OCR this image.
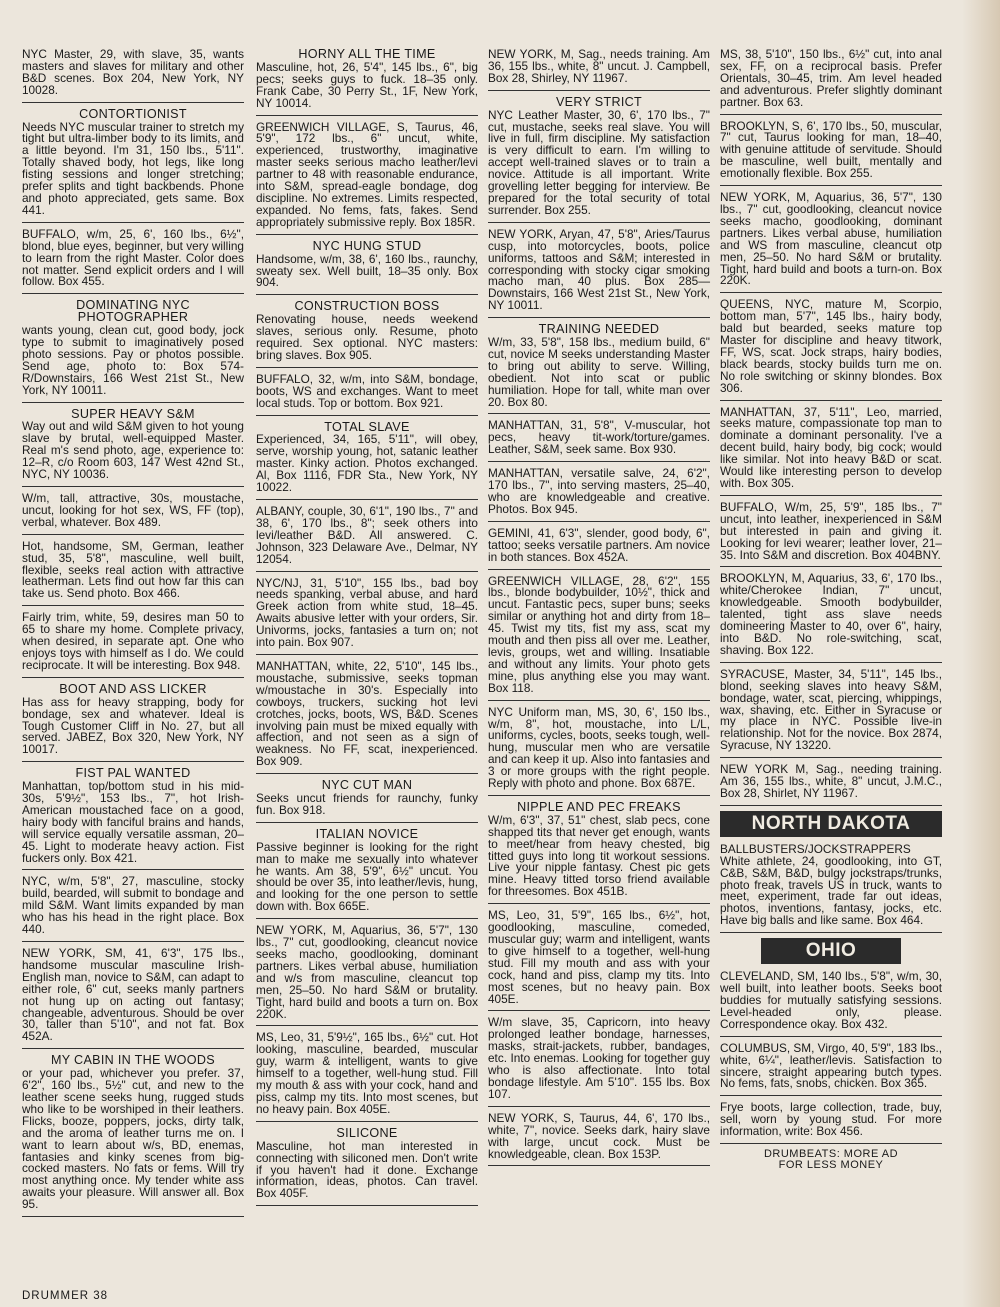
NYC Master, 29, with slave, 35, wants masters and slaves for military and other B&D scenes. Box 204, New York, NY 10028.
CONTORTIONIST
Needs NYC muscular trainer to stretch my tight but ultra-limber body to its limits, and a little beyond. I'm 31, 150 lbs., 5'11". Totally shaved body, hot legs, like long fisting sessions and longer stretching; prefer splits and tight backbends. Phone and photo appreciated, gets same. Box 441.
BUFFALO, w/m, 25, 6', 160 lbs., 6½", blond, blue eyes, beginner, but very willing to learn from the right Master. Color does not matter. Send explicit orders and I will follow. Box 455.
DOMINATING NYC PHOTOGRAPHER
wants young, clean cut, good body, jock type to submit to imaginatively posed photo sessions. Pay or photos possible. Send age, photo to: Box 574-R/Downstairs, 166 West 21st St., New York, NY 10011.
SUPER HEAVY S&M
Way out and wild S&M given to hot young slave by brutal, well-equipped Master. Real m's send photo, age, experience to: 12–R, c/o Room 603, 147 West 42nd St., NYC, NY 10036.
W/m, tall, attractive, 30s, moustache, uncut, looking for hot sex, WS, FF (top), verbal, whatever. Box 489.
Hot, handsome, SM, German, leather stud, 35, 5'8", masculine, well built, flexible, seeks real action with attractive leatherman. Lets find out how far this can take us. Send photo. Box 466.
Fairly trim, white, 59, desires man 50 to 65 to share my home. Complete privacy, when desired, in separate apt. One who enjoys toys with himself as I do. We could reciprocate. It will be interesting. Box 948.
BOOT AND ASS LICKER
Has ass for heavy strapping, body for bondage, sex and whatever. Ideal is Tough Customer Cliff in No. 27, but all served. JABEZ, Box 320, New York, NY 10017.
FIST PAL WANTED
Manhattan, top/bottom stud in his mid-30s, 5'9½", 153 lbs., 7", hot Irish-American moustached face on a good, hairy body with fanciful brains and hands, will service equally versatile assman, 20–45. Light to moderate heavy action. Fist fuckers only. Box 421.
NYC, w/m, 5'8", 27, masculine, stocky build, bearded, will submit to bondage and mild S&M. Want limits expanded by man who has his head in the right place. Box 440.
NEW YORK, SM, 41, 6'3", 175 lbs., handsome muscular masculine Irish-English man, novice to S&M, can adapt to either role, 6" cut, seeks manly partners not hung up on acting out fantasy; changeable, adventurous. Should be over 30, taller than 5'10", and not fat. Box 452A.
MY CABIN IN THE WOODS
or your pad, whichever you prefer. 37, 6'2", 160 lbs., 5½" cut, and new to the leather scene seeks hung, rugged studs who like to be worshiped in their leathers. Flicks, booze, poppers, jocks, dirty talk, and the aroma of leather turns me on. I want to learn about w/s, BD, enemas, fantasies and kinky scenes from big-cocked masters. No fats or fems. Will try most anything once. My tender white ass awaits your pleasure. Will answer all. Box 95.
HORNY ALL THE TIME
Masculine, hot, 26, 5'4", 145 lbs., 6", big pecs; seeks guys to fuck. 18–35 only. Frank Cabe, 30 Perry St., 1F, New York, NY 10014.
GREENWICH VILLAGE, S, Taurus, 46, 5'9", 172 lbs., 6" uncut, white, experienced, trustworthy, imaginative master seeks serious macho leather/levi partner to 48 with reasonable endurance, into S&M, spread-eagle bondage, dog discipline. No extremes. Limits respected, expanded. No fems, fats, fakes. Send appropriately submissive reply. Box 185R.
NYC HUNG STUD
Handsome, w/m, 38, 6', 160 lbs., raunchy, sweaty sex. Well built, 18–35 only. Box 904.
CONSTRUCTION BOSS
Renovating house, needs weekend slaves, serious only. Resume, photo required. Sex optional. NYC masters: bring slaves. Box 905.
BUFFALO, 32, w/m, into S&M, bondage, boots, WS and exchanges. Want to meet local studs. Top or bottom. Box 921.
TOTAL SLAVE
Experienced, 34, 165, 5'11", will obey, serve, worship young, hot, satanic leather master. Kinky action. Photos exchanged. Al, Box 1116, FDR Sta., New York, NY 10022.
ALBANY, couple, 30, 6'1", 190 lbs., 7" and 38, 6', 170 lbs., 8"; seek others into levi/leather B&D. All answered. C. Johnson, 323 Delaware Ave., Delmar, NY 12054.
NYC/NJ, 31, 5'10", 155 lbs., bad boy needs spanking, verbal abuse, and hard Greek action from white stud, 18–45. Awaits abusive letter with your orders, Sir. Univorms, jocks, fantasies a turn on; not into pain. Box 907.
MANHATTAN, white, 22, 5'10", 145 lbs., moustache, submissive, seeks topman w/moustache in 30's. Especially into cowboys, truckers, sucking hot levi crotches, jocks, boots, WS, B&D. Scenes involving pain must be mixed equally with affection, and not seen as a sign of weakness. No FF, scat, inexperienced. Box 909.
NYC CUT MAN
Seeks uncut friends for raunchy, funky fun. Box 918.
ITALIAN NOVICE
Passive beginner is looking for the right man to make me sexually into whatever he wants. Am 38, 5'9", 6½" uncut. You should be over 35, into leather/levis, hung, and looking for the one person to settle down with. Box 665E.
NEW YORK, M, Aquarius, 36, 5'7", 130 lbs., 7" cut, goodlooking, cleancut novice seeks macho, goodlooking, dominant partners. Likes verbal abuse, humiliation and w/s from masculine, cleancut top men, 25–50. No hard S&M or brutality. Tight, hard build and boots a turn on. Box 220K.
MS, Leo, 31, 5'9½", 165 lbs., 6½" cut. Hot looking, masculine, bearded, muscular guy, warm & intelligent, wants to give himself to a together, well-hung stud. Fill my mouth & ass with your cock, hand and piss, calmp my tits. Into most scenes, but no heavy pain. Box 405E.
SILICONE
Masculine, hot man interested in connecting with siliconed men. Don't write if you haven't had it done. Exchange information, ideas, photos. Can travel. Box 405F.
NEW YORK, M, Sag., needs training. Am 36, 155 lbs., white, 8" uncut. J. Campbell, Box 28, Shirley, NY 11967.
VERY STRICT
NYC Leather Master, 30, 6', 170 lbs., 7" cut, mustache, seeks real slave. You will live in full, firm discipline. My satisfaction is very difficult to earn. I'm willing to accept well-trained slaves or to train a novice. Attitude is all important. Write grovelling letter begging for interview. Be prepared for the total security of total surrender. Box 255.
NEW YORK, Aryan, 47, 5'8", Aries/Taurus cusp, into motorcycles, boots, police uniforms, tattoos and S&M; interested in corresponding with stocky cigar smoking macho man, 40 plus. Box 285—Downstairs, 166 West 21st St., New York, NY 10011.
TRAINING NEEDED
W/m, 33, 5'8", 158 lbs., medium build, 6" cut, novice M seeks understanding Master to bring out ability to serve. Willing, obedient. Not into scat or public humiliation. Hope for tall, white man over 20. Box 80.
MANHATTAN, 31, 5'8", V-muscular, hot pecs, heavy tit-work/torture/games. Leather, S&M, seek same. Box 930.
MANHATTAN, versatile salve, 24, 6'2", 170 lbs., 7", into serving masters, 25–40, who are knowledgeable and creative. Photos. Box 945.
GEMINI, 41, 6'3", slender, good body, 6", tattoo; seeks versatile partners. Am novice in both stances. Box 452A.
GREENWICH VILLAGE, 28, 6'2", 155 lbs., blonde bodybuilder, 10½", thick and uncut. Fantastic pecs, super buns; seeks similar or anything hot and dirty from 18–45. Twist my tits, fist my ass, scat my mouth and then piss all over me. Leather, levis, groups, wet and willing. Insatiable and without any limits. Your photo gets mine, plus anything else you may want. Box 118.
NYC Uniform man, MS, 30, 6', 150 lbs., w/m, 8", hot, moustache, into L/L, uniforms, cycles, boots, seeks tough, well-hung, muscular men who are versatile and can keep it up. Also into fantasies and 3 or more groups with the right people. Reply with photo and phone. Box 687E.
NIPPLE AND PEC FREAKS
W/m, 6'3", 37, 51" chest, slab pecs, cone shapped tits that never get enough, wants to meet/hear from heavy chested, big titted guys into long tit workout sessions. Live your nipple fantasy. Chest pic gets mine. Heavy titted torso friend available for threesomes. Box 451B.
MS, Leo, 31, 5'9", 165 lbs., 6½", hot, goodlooking, masculine, comeded, muscular guy; warm and intelligent, wants to give himself to a together, well-hung stud. Fill my mouth and ass with your cock, hand and piss, clamp my tits. Into most scenes, but no heavy pain. Box 405E.
W/m slave, 35, Capricorn, into heavy prolonged leather bondage, harnesses, masks, strait-jackets, rubber, bandages, etc. Into enemas. Looking for together guy who is also affectionate. Into total bondage lifestyle. Am 5'10". 155 lbs. Box 107.
NEW YORK, S, Taurus, 44, 6', 170 lbs., white, 7", novice. Seeks dark, hairy slave with large, uncut cock. Must be knowledgeable, clean. Box 153P.
MS, 38, 5'10", 150 lbs., 6½" cut, into anal sex, FF, on a reciprocal basis. Prefer Orientals, 30–45, trim. Am level headed and adventurous. Prefer slightly dominant partner. Box 63.
BROOKLYN, S, 6', 170 lbs., 50, muscular, 7" cut, Taurus looking for man, 18–40, with genuine attitude of servitude. Should be masculine, well built, mentally and emotionally flexible. Box 255.
NEW YORK, M, Aquarius, 36, 5'7", 130 lbs., 7" cut, goodlooking, cleancut novice seeks macho, goodlooking, dominant partners. Likes verbal abuse, humiliation and WS from masculine, cleancut otp men, 25–50. No hard S&M or brutality. Tight, hard build and boots a turn-on. Box 220K.
QUEENS, NYC, mature M, Scorpio, bottom man, 5'7", 145 lbs., hairy body, bald but bearded, seeks mature top Master for discipline and heavy titwork, FF, WS, scat. Jock straps, hairy bodies, black beards, stocky builds turn me on. No role switching or skinny blondes. Box 306.
MANHATTAN, 37, 5'11", Leo, married, seeks mature, compassionate top man to dominate a dominant personality. I've a decent build, hairy body, big cock; would like similar. Not into heavy B&D or scat. Would like interesting person to develop with. Box 305.
BUFFALO, W/m, 25, 5'9", 185 lbs., 7" uncut, into leather, inexperienced in S&M but interested in pain and giving it. Looking for levi wearer; leather lover, 21–35. Into S&M and discretion. Box 404BNY.
BROOKLYN, M, Aquarius, 33, 6', 170 lbs., white/Cherokee Indian, 7" uncut, knowledgeable. Smooth bodybuilder, talented, tight ass slave needs domineering Master to 40, over 6", hairy, into B&D. No role-switching, scat, shaving. Box 122.
SYRACUSE, Master, 34, 5'11", 145 lbs., blond, seeking slaves into heavy S&M, bondage, water, scat, piercing, whippings, wax, shaving, etc. Either in Syracuse or my place in NYC. Possible live-in relationship. Not for the novice. Box 2874, Syracuse, NY 13220.
NEW YORK M, Sag., needing training. Am 36, 155 lbs., white, 8" uncut, J.M.C., Box 28, Shirlet, NY 11967.
NORTH DAKOTA
BALLBUSTERS/JOCKSTRAPPERS White athlete, 24, goodlooking, into GT, C&B, S&M, B&D, bulgy jockstraps/trunks, photo freak, travels US in truck, wants to meet, experiment, trade far out ideas, photos, inventions, fantasy, jocks, etc. Have big balls and like same. Box 464.
OHIO
CLEVELAND, SM, 140 lbs., 5'8", w/m, 30, well built, into leather boots. Seeks boot buddies for mutually satisfying sessions. Level-headed only, please. Correspondence okay. Box 432.
COLUMBUS, SM, Virgo, 40, 5'9", 183 lbs., white, 6¼", leather/levis. Satisfaction to sincere, straight appearing butch types. No fems, fats, snobs, chicken. Box 365.
Frye boots, large collection, trade, buy, sell, worn by young stud. For more information, write: Box 456.
DRUMBEATS: MORE AD
FOR LESS MONEY
DRUMMER 38
